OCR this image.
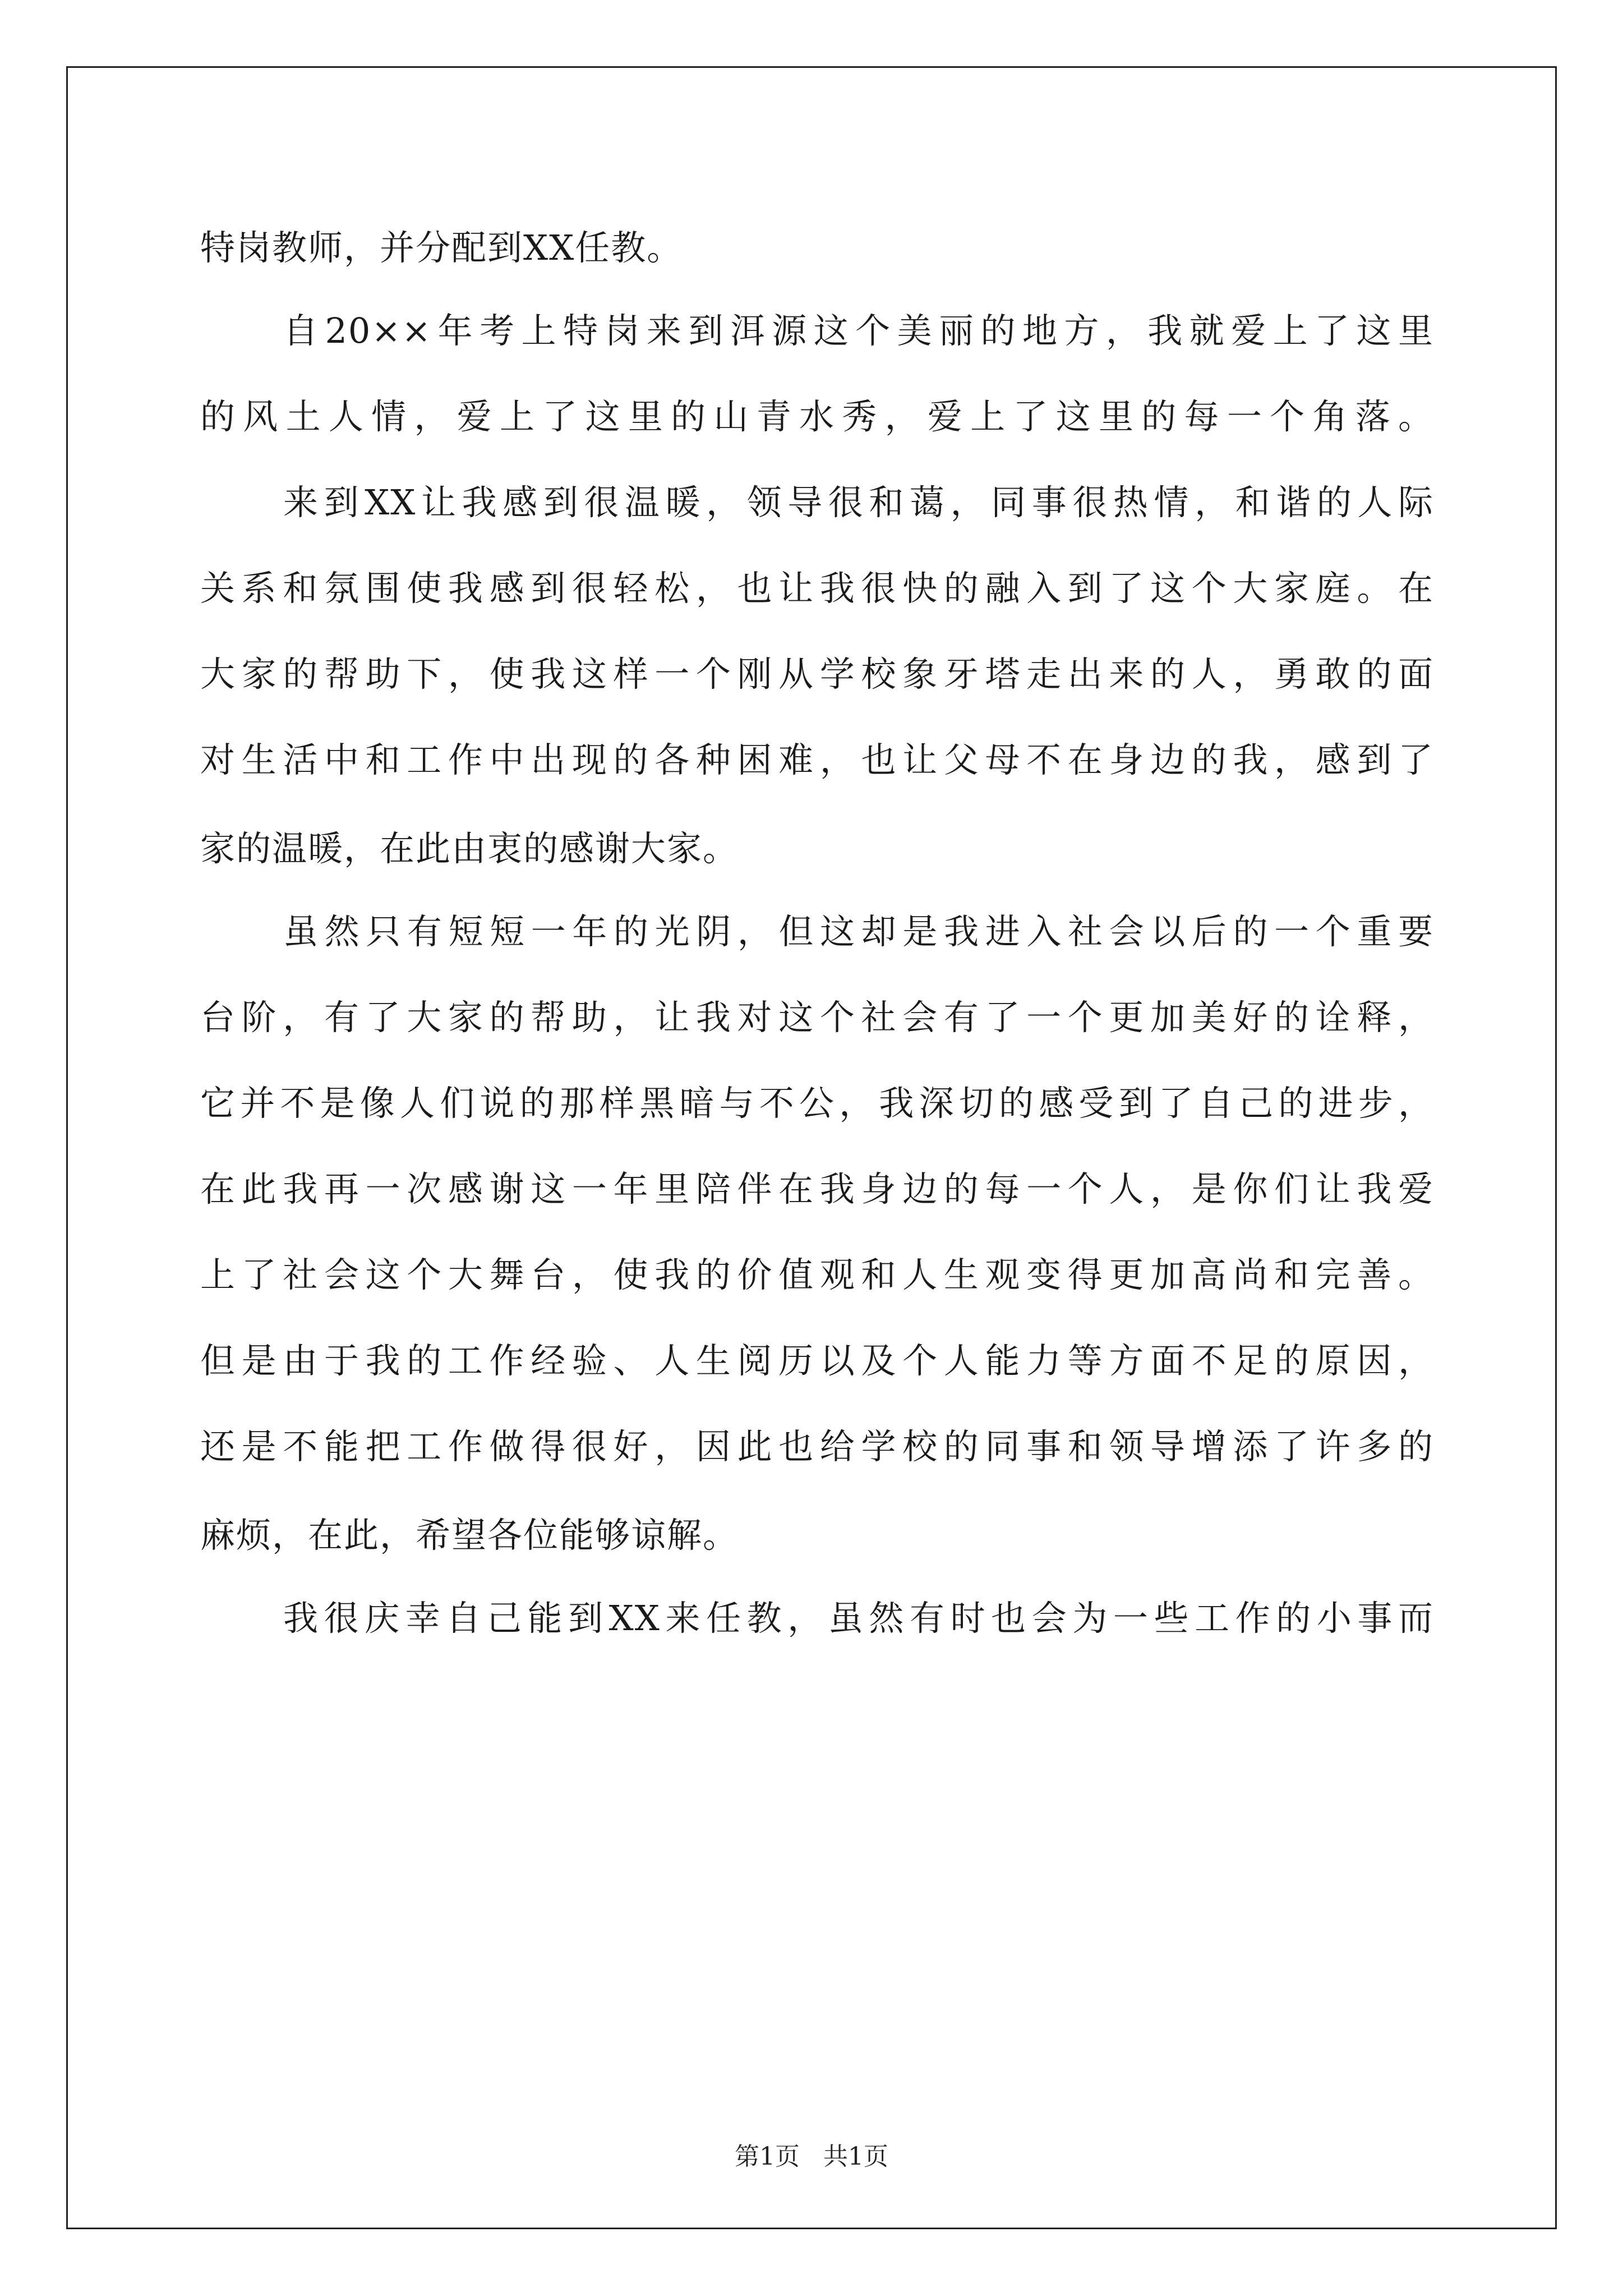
特岗教师，并分配到XX任教。
自20××年考上特岗来到洱源这个美丽的地方，我就爱上了这里
的风土人情，爱上了这里的山青水秀，爱上了这里的每一个角落。
来到XX让我感到很温暖，领导很和蔼，同事很热情，和谐的人际
关系和氛围使我感到很轻松，也让我很快的融入到了这个大家庭。在
大家的帮助下，使我这样一个刚从学校象牙塔走出来的人，勇敢的面
对生活中和工作中出现的各种困难，也让父母不在身边的我，感到了
家的温暖，在此由衷的感谢大家。
虽然只有短短一年的光阴，但这却是我进入社会以后的一个重要
台阶，有了大家的帮助，让我对这个社会有了一个更加美好的诠释，
它并不是像人们说的那样黑暗与不公，我深切的感受到了自己的进步，
在此我再一次感谢这一年里陪伴在我身边的每一个人，是你们让我爱
上了社会这个大舞台，使我的价值观和人生观变得更加高尚和完善。
但是由于我的工作经验、人生阅历以及个人能力等方面不足的原因，
还是不能把工作做得很好，因此也给学校的同事和领导增添了许多的
麻烦，在此，希望各位能够谅解。
我很庆幸自己能到XX来任教，虽然有时也会为一些工作的小事而
第1页   共1页
